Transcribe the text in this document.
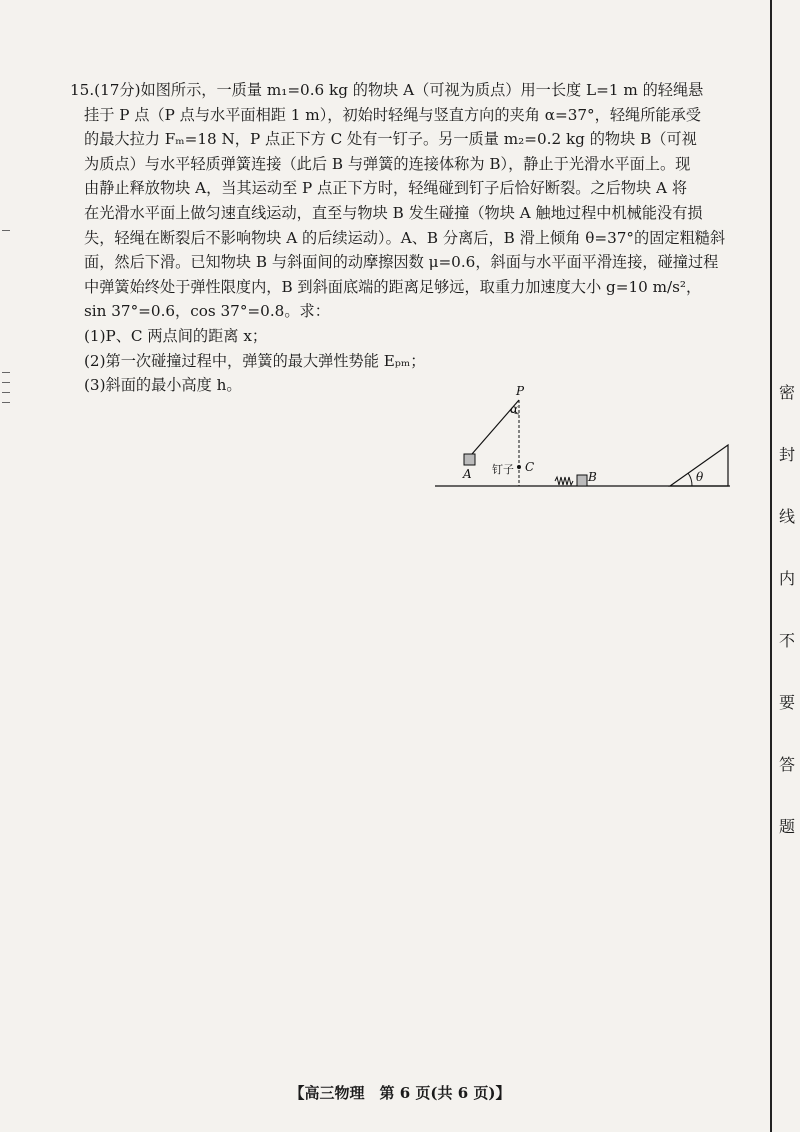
15.(17分)如图所示，一质量 m₁=0.6 kg 的物块 A（可视为质点）用一长度 L=1 m 的轻绳悬
挂于 P 点（P 点与水平面相距 1 m），初始时轻绳与竖直方向的夹角 α=37°，轻绳所能承受
的最大拉力 Fₘ=18 N，P 点正下方 C 处有一钉子。另一质量 m₂=0.2 kg 的物块 B（可视
为质点）与水平轻质弹簧连接（此后 B 与弹簧的连接体称为 B），静止于光滑水平面上。现
由静止释放物块 A，当其运动至 P 点正下方时，轻绳碰到钉子后恰好断裂。之后物块 A 将
在光滑水平面上做匀速直线运动，直至与物块 B 发生碰撞（物块 A 触地过程中机械能没有损
失，轻绳在断裂后不影响物块 A 的后续运动）。A、B 分离后，B 滑上倾角 θ=37°的固定粗糙斜
面，然后下滑。已知物块 B 与斜面间的动摩擦因数 μ=0.6，斜面与水平面平滑连接，碰撞过程
中弹簧始终处于弹性限度内，B 到斜面底端的距离足够远，取重力加速度大小 g=10 m/s²，
sin 37°=0.6，cos 37°=0.8。求：
(1)P、C 两点间的距离 x；
(2)第一次碰撞过程中，弹簧的最大弹性势能 Eₚₘ；
(3)斜面的最小高度 h。	P
α
A 钉子 C
B	θ
密
封
线
内
不
要
答
题
【高三物理　第 6 页(共 6 页)】
